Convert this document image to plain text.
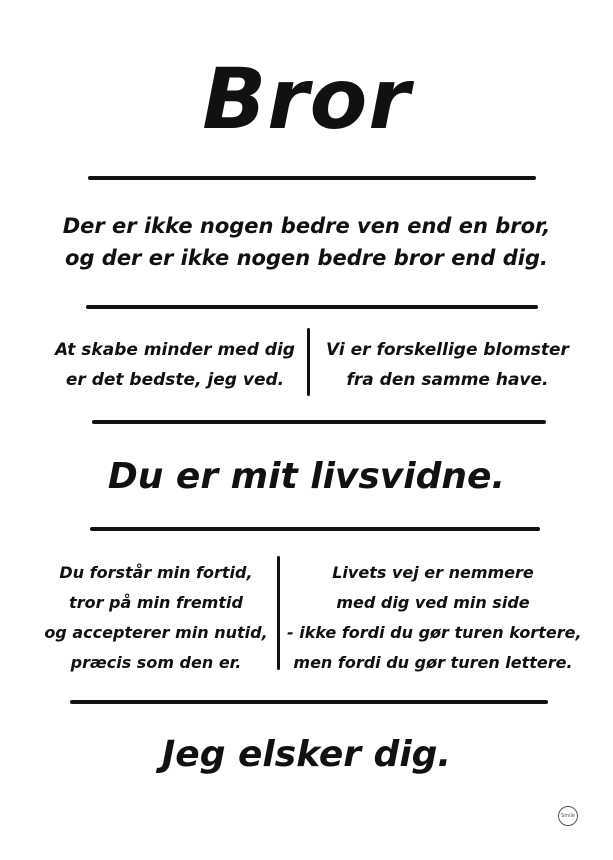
Bror
Der er ikke nogen bedre ven end en bror,
og der er ikke nogen bedre bror end dig.
At skabe minder med dig
er det bedste, jeg ved.
Vi er forskellige blomster
fra den samme have.
Du er mit livsvidne.
Du forstår min fortid,
tror på min fremtid
og accepterer min nutid,
præcis som den er.
Livets vej er nemmere
med dig ved min side
- ikke fordi du gør turen kortere,
men fordi du gør turen lettere.
Jeg elsker dig.
Smile
